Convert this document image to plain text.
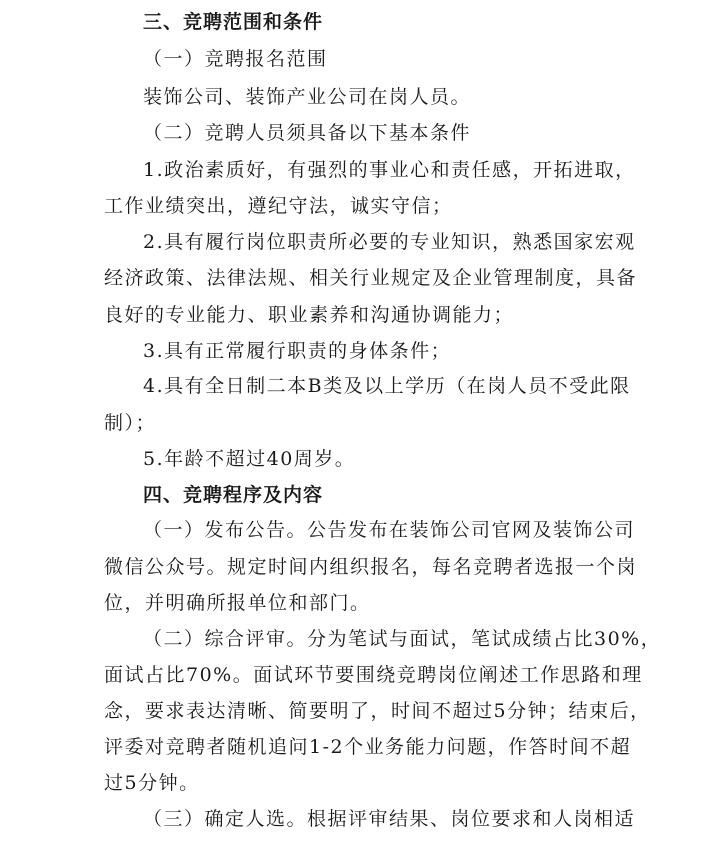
三、竞聘范围和条件
（一）竞聘报名范围
装饰公司、装饰产业公司在岗人员。
（二）竞聘人员须具备以下基本条件
1.政治素质好，有强烈的事业心和责任感，开拓进取，
工作业绩突出，遵纪守法，诚实守信；
2.具有履行岗位职责所必要的专业知识，熟悉国家宏观
经济政策、法律法规、相关行业规定及企业管理制度，具备
良好的专业能力、职业素养和沟通协调能力；
3.具有正常履行职责的身体条件；
4.具有全日制二本B类及以上学历（在岗人员不受此限
制）；
5.年龄不超过40周岁。
四、竞聘程序及内容
（一）发布公告。公告发布在装饰公司官网及装饰公司
微信公众号。规定时间内组织报名，每名竞聘者选报一个岗
位，并明确所报单位和部门。
（二）综合评审。分为笔试与面试，笔试成绩占比30%，
面试占比70%。面试环节要围绕竞聘岗位阐述工作思路和理
念，要求表达清晰、简要明了，时间不超过5分钟；结束后，
评委对竞聘者随机追问1-2个业务能力问题，作答时间不超
过5分钟。
（三）确定人选。根据评审结果、岗位要求和人岗相适
